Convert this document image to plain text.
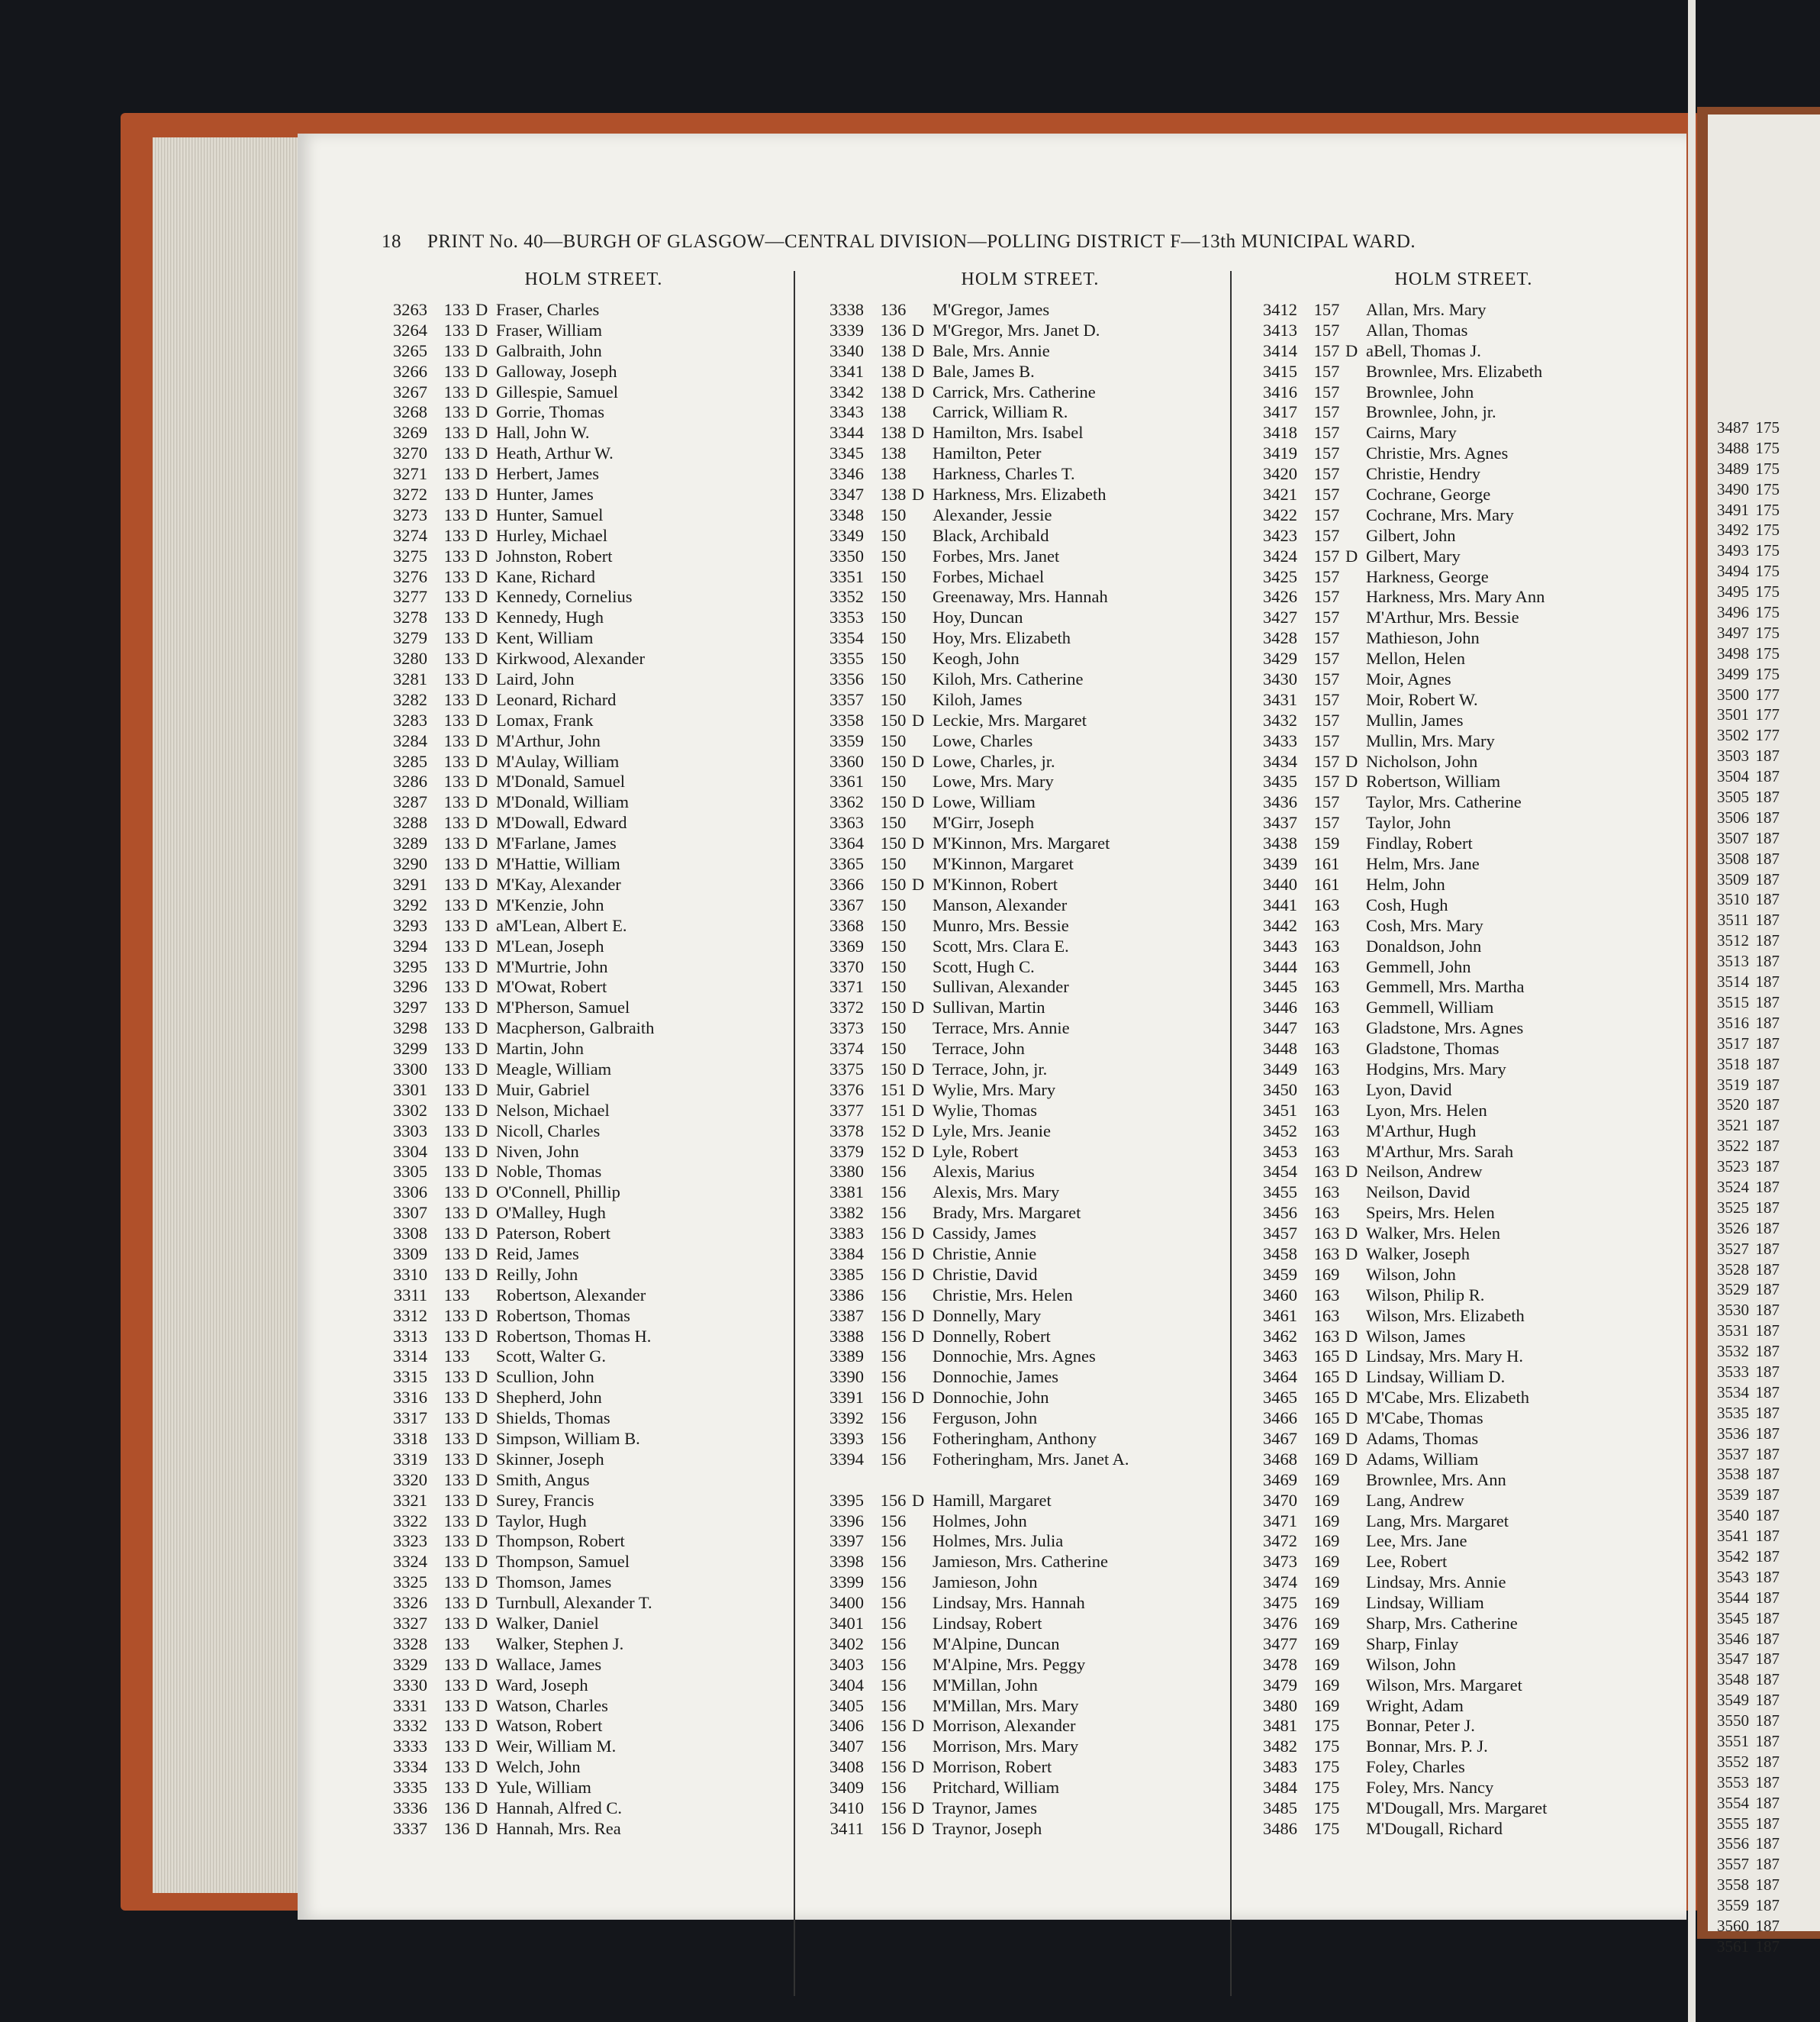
18 PRINT No. 40—BURGH OF GLASGOW—CENTRAL DIVISION—POLLING DISTRICT F—13th MUNICIPAL WARD.
HOLM STREET.
3263 133 D Fraser, Charles
3264 133 D Fraser, William
3265 133 D Galbraith, John
3266 133 D Galloway, Joseph
3267 133 D Gillespie, Samuel
3268 133 D Gorrie, Thomas
3269 133 D Hall, John W.
3270 133 D Heath, Arthur W.
3271 133 D Herbert, James
3272 133 D Hunter, James
3273 133 D Hunter, Samuel
3274 133 D Hurley, Michael
3275 133 D Johnston, Robert
3276 133 D Kane, Richard
3277 133 D Kennedy, Cornelius
3278 133 D Kennedy, Hugh
3279 133 D Kent, William
3280 133 D Kirkwood, Alexander
3281 133 D Laird, John
3282 133 D Leonard, Richard
3283 133 D Lomax, Frank
3284 133 D M'Arthur, John
3285 133 D M'Aulay, William
3286 133 D M'Donald, Samuel
3287 133 D M'Donald, William
3288 133 D M'Dowall, Edward
3289 133 D M'Farlane, James
3290 133 D M'Hattie, William
3291 133 D M'Kay, Alexander
3292 133 D M'Kenzie, John
3293 133 D aM'Lean, Albert E.
3294 133 D M'Lean, Joseph
3295 133 D M'Murtrie, John
3296 133 D M'Owat, Robert
3297 133 D M'Pherson, Samuel
3298 133 D Macpherson, Galbraith
3299 133 D Martin, John
3300 133 D Meagle, William
3301 133 D Muir, Gabriel
3302 133 D Nelson, Michael
3303 133 D Nicoll, Charles
3304 133 D Niven, John
3305 133 D Noble, Thomas
3306 133 D O'Connell, Phillip
3307 133 D O'Malley, Hugh
3308 133 D Paterson, Robert
3309 133 D Reid, James
3310 133 D Reilly, John
3311 133 Robertson, Alexander
3312 133 D Robertson, Thomas
3313 133 D Robertson, Thomas H.
3314 133 Scott, Walter G.
3315 133 D Scullion, John
3316 133 D Shepherd, John
3317 133 D Shields, Thomas
3318 133 D Simpson, William B.
3319 133 D Skinner, Joseph
3320 133 D Smith, Angus
3321 133 D Surey, Francis
3322 133 D Taylor, Hugh
3323 133 D Thompson, Robert
3324 133 D Thompson, Samuel
3325 133 D Thomson, James
3326 133 D Turnbull, Alexander T.
3327 133 D Walker, Daniel
3328 133 Walker, Stephen J.
3329 133 D Wallace, James
3330 133 D Ward, Joseph
3331 133 D Watson, Charles
3332 133 D Watson, Robert
3333 133 D Weir, William M.
3334 133 D Welch, John
3335 133 D Yule, William
3336 136 D Hannah, Alfred C.
3337 136 D Hannah, Mrs. Rea
HOLM STREET.
3338 136 M'Gregor, James
3339 136 D M'Gregor, Mrs. Janet D.
3340 138 D Bale, Mrs. Annie
3341 138 D Bale, James B.
3342 138 D Carrick, Mrs. Catherine
3343 138 Carrick, William R.
3344 138 D Hamilton, Mrs. Isabel
3345 138 Hamilton, Peter
3346 138 Harkness, Charles T.
3347 138 D Harkness, Mrs. Elizabeth
3348 150 Alexander, Jessie
3349 150 Black, Archibald
3350 150 Forbes, Mrs. Janet
3351 150 Forbes, Michael
3352 150 Greenaway, Mrs. Hannah
3353 150 Hoy, Duncan
3354 150 Hoy, Mrs. Elizabeth
3355 150 Keogh, John
3356 150 Kiloh, Mrs. Catherine
3357 150 Kiloh, James
3358 150 D Leckie, Mrs. Margaret
3359 150 Lowe, Charles
3360 150 D Lowe, Charles, jr.
3361 150 Lowe, Mrs. Mary
3362 150 D Lowe, William
3363 150 M'Girr, Joseph
3364 150 D M'Kinnon, Mrs. Margaret
3365 150 M'Kinnon, Margaret
3366 150 D M'Kinnon, Robert
3367 150 Manson, Alexander
3368 150 Munro, Mrs. Bessie
3369 150 Scott, Mrs. Clara E.
3370 150 Scott, Hugh C.
3371 150 Sullivan, Alexander
3372 150 D Sullivan, Martin
3373 150 Terrace, Mrs. Annie
3374 150 Terrace, John
3375 150 D Terrace, John, jr.
3376 151 D Wylie, Mrs. Mary
3377 151 D Wylie, Thomas
3378 152 D Lyle, Mrs. Jeanie
3379 152 D Lyle, Robert
3380 156 Alexis, Marius
3381 156 Alexis, Mrs. Mary
3382 156 Brady, Mrs. Margaret
3383 156 D Cassidy, James
3384 156 D Christie, Annie
3385 156 D Christie, David
3386 156 Christie, Mrs. Helen
3387 156 D Donnelly, Mary
3388 156 D Donnelly, Robert
3389 156 Donnochie, Mrs. Agnes
3390 156 Donnochie, James
3391 156 D Donnochie, John
3392 156 Ferguson, John
3393 156 Fotheringham, Anthony
3394 156 Fotheringham, Mrs. Janet A.
3395 156 D Hamill, Margaret
3396 156 Holmes, John
3397 156 Holmes, Mrs. Julia
3398 156 Jamieson, Mrs. Catherine
3399 156 Jamieson, John
3400 156 Lindsay, Mrs. Hannah
3401 156 Lindsay, Robert
3402 156 M'Alpine, Duncan
3403 156 M'Alpine, Mrs. Peggy
3404 156 M'Millan, John
3405 156 M'Millan, Mrs. Mary
3406 156 D Morrison, Alexander
3407 156 Morrison, Mrs. Mary
3408 156 D Morrison, Robert
3409 156 Pritchard, William
3410 156 D Traynor, James
3411 156 D Traynor, Joseph
HOLM STREET.
3412 157 Allan, Mrs. Mary
3413 157 Allan, Thomas
3414 157 D aBell, Thomas J.
3415 157 Brownlee, Mrs. Elizabeth
3416 157 Brownlee, John
3417 157 Brownlee, John, jr.
3418 157 Cairns, Mary
3419 157 Christie, Mrs. Agnes
3420 157 Christie, Hendry
3421 157 Cochrane, George
3422 157 Cochrane, Mrs. Mary
3423 157 Gilbert, John
3424 157 D Gilbert, Mary
3425 157 Harkness, George
3426 157 Harkness, Mrs. Mary Ann
3427 157 M'Arthur, Mrs. Bessie
3428 157 Mathieson, John
3429 157 Mellon, Helen
3430 157 Moir, Agnes
3431 157 Moir, Robert W.
3432 157 Mullin, James
3433 157 Mullin, Mrs. Mary
3434 157 D Nicholson, John
3435 157 D Robertson, William
3436 157 Taylor, Mrs. Catherine
3437 157 Taylor, John
3438 159 Findlay, Robert
3439 161 Helm, Mrs. Jane
3440 161 Helm, John
3441 163 Cosh, Hugh
3442 163 Cosh, Mrs. Mary
3443 163 Donaldson, John
3444 163 Gemmell, John
3445 163 Gemmell, Mrs. Martha
3446 163 Gemmell, William
3447 163 Gladstone, Mrs. Agnes
3448 163 Gladstone, Thomas
3449 163 Hodgins, Mrs. Mary
3450 163 Lyon, David
3451 163 Lyon, Mrs. Helen
3452 163 M'Arthur, Hugh
3453 163 M'Arthur, Mrs. Sarah
3454 163 D Neilson, Andrew
3455 163 Neilson, David
3456 163 Speirs, Mrs. Helen
3457 163 D Walker, Mrs. Helen
3458 163 D Walker, Joseph
3459 169 Wilson, John
3460 163 Wilson, Philip R.
3461 163 Wilson, Mrs. Elizabeth
3462 163 D Wilson, James
3463 165 D Lindsay, Mrs. Mary H.
3464 165 D Lindsay, William D.
3465 165 D M'Cabe, Mrs. Elizabeth
3466 165 D M'Cabe, Thomas
3467 169 D Adams, Thomas
3468 169 D Adams, William
3469 169 Brownlee, Mrs. Ann
3470 169 Lang, Andrew
3471 169 Lang, Mrs. Margaret
3472 169 Lee, Mrs. Jane
3473 169 Lee, Robert
3474 169 Lindsay, Mrs. Annie
3475 169 Lindsay, William
3476 169 Sharp, Mrs. Catherine
3477 169 Sharp, Finlay
3478 169 Wilson, John
3479 169 Wilson, Mrs. Margaret
3480 169 Wright, Adam
3481 175 Bonnar, Peter J.
3482 175 Bonnar, Mrs. P. J.
3483 175 Foley, Charles
3484 175 Foley, Mrs. Nancy
3485 175 M'Dougall, Mrs. Margaret
3486 175 M'Dougall, Richard
3487 175
3488 175
3489 175
3490 175
3491 175
3492 175
3493 175
3494 175
3495 175
3496 175
3497 175
3498 175
3499 175
3500 177
3501 177
3502 177
3503 187
3504 187
3505 187
3506 187
3507 187
3508 187
3509 187
3510 187
3511 187
3512 187
3513 187
3514 187
3515 187
3516 187
3517 187
3518 187
3519 187
3520 187
3521 187
3522 187
3523 187
3524 187
3525 187
3526 187
3527 187
3528 187
3529 187
3530 187
3531 187
3532 187
3533 187
3534 187
3535 187
3536 187
3537 187
3538 187
3539 187
3540 187
3541 187
3542 187
3543 187
3544 187
3545 187
3546 187
3547 187
3548 187
3549 187
3550 187
3551 187
3552 187
3553 187
3554 187
3555 187
3556 187
3557 187
3558 187
3559 187
3560 187
3561 187
